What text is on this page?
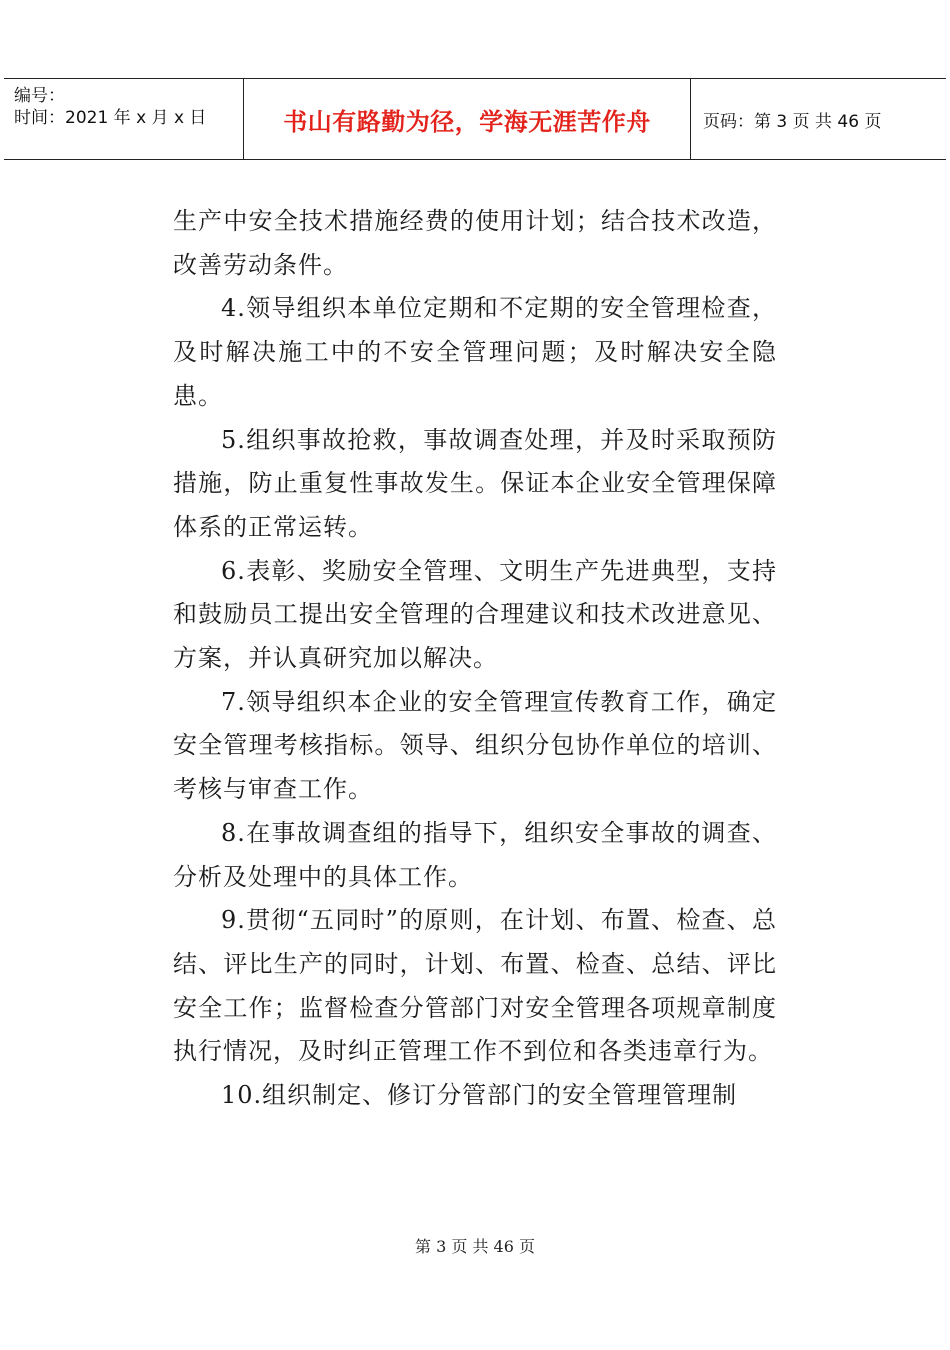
编号：
时间：2021 年 x 月 x 日	书山有路勤为径，学海无涯苦作舟	页码：第 3 页 共 46 页

生产中安全技术措施经费的使用计划；结合技术改造，改善劳动条件。

4.领导组织本单位定期和不定期的安全管理检查，及时解决施工中的不安全管理问题；及时解决安全隐患。

5.组织事故抢救，事故调查处理，并及时采取预防措施，防止重复性事故发生。保证本企业安全管理保障体系的正常运转。

6.表彰、奖励安全管理、文明生产先进典型，支持和鼓励员工提出安全管理的合理建议和技术改进意见、方案，并认真研究加以解决。

7.领导组织本企业的安全管理宣传教育工作，确定安全管理考核指标。领导、组织分包协作单位的培训、考核与审查工作。

8.在事故调查组的指导下，组织安全事故的调查、分析及处理中的具体工作。

9.贯彻“五同时”的原则，在计划、布置、检查、总结、评比生产的同时，计划、布置、检查、总结、评比安全工作；监督检查分管部门对安全管理各项规章制度执行情况，及时纠正管理工作不到位和各类违章行为。

10.组织制定、修订分管部门的安全管理管理制

第 3 页 共 46 页
